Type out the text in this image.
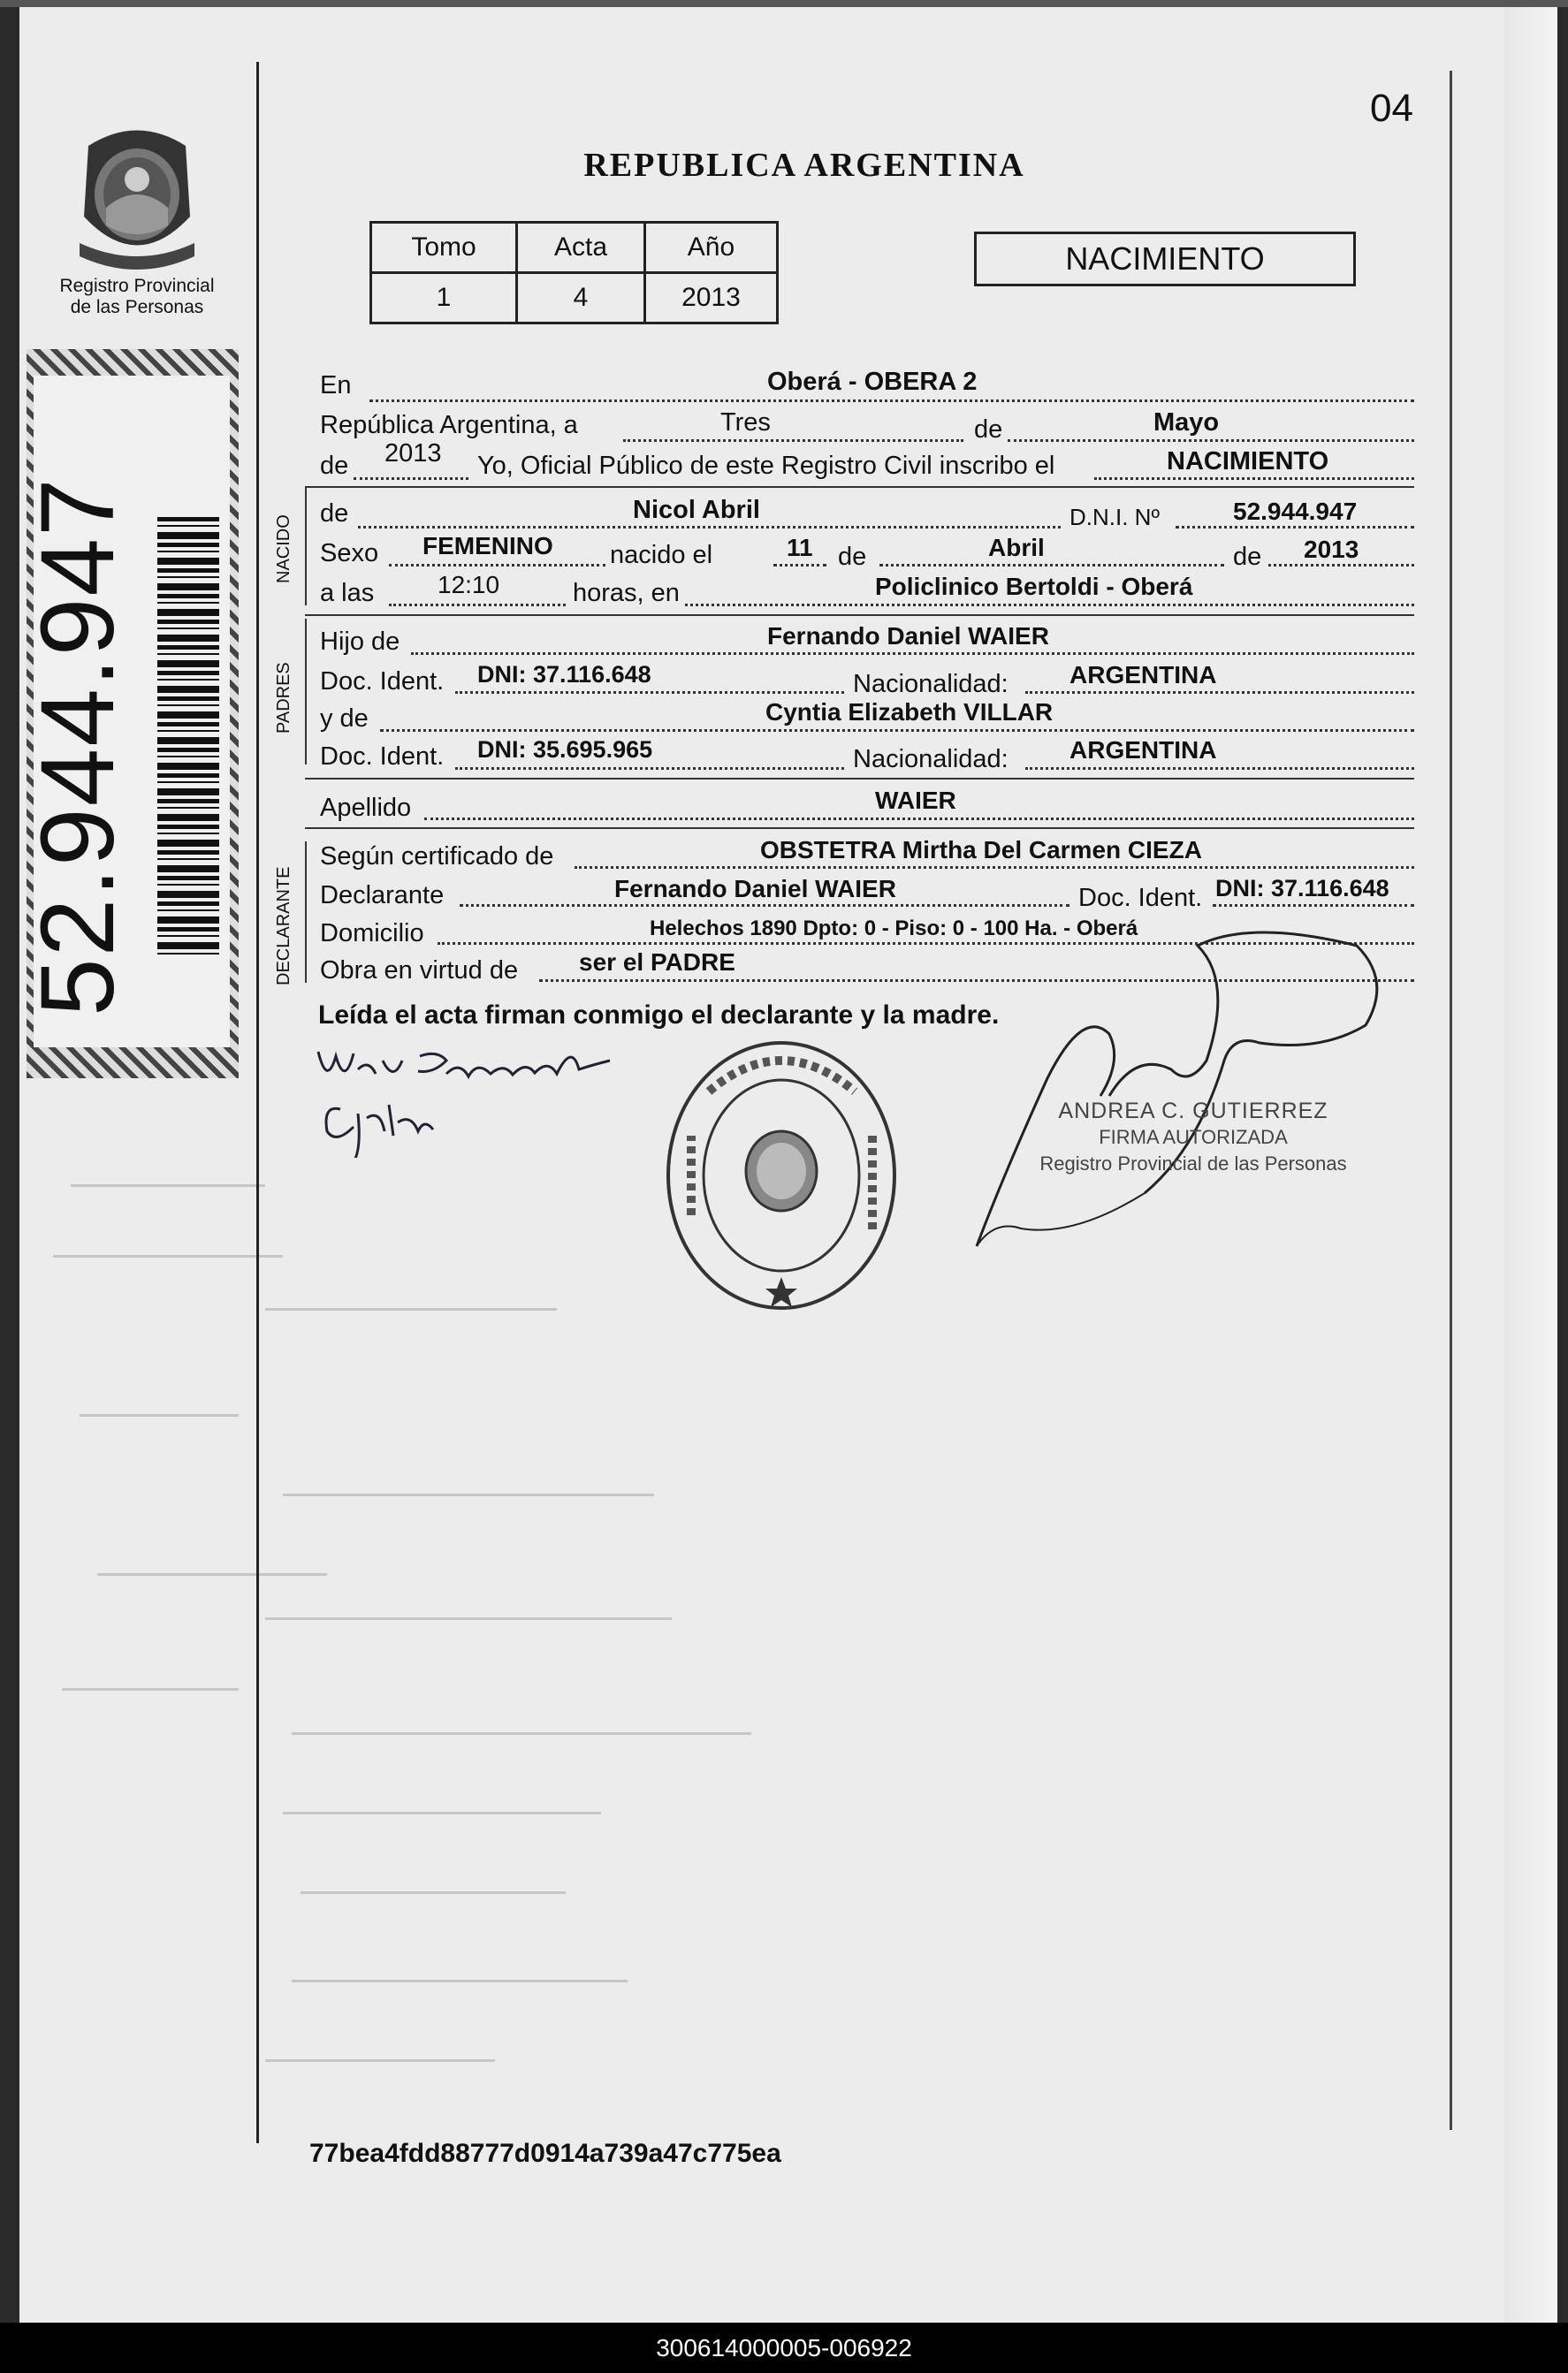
04
REPUBLICA ARGENTINA
Registro Provincial
de las Personas
52.944.947
Tomo	Acta	Año
1	4	2013
NACIMIENTO
NACIDO
PADRES
DECLARANTE
En	Oberá - OBERA 2
República Argentina, a	Tres	de	Mayo
de 2013 Yo, Oficial Público de este Registro Civil inscribo el	NACIMIENTO
de	Nicol Abril	D.N.I. Nº	52.944.947
Sexo FEMENINO nacido el	11 de	Abril	de 2013
a las	12:10	horas, en	Policlinico Bertoldi - Oberá
Hijo de	Fernando Daniel WAIER
Doc. Ident. DNI: 37.116.648	Nacionalidad: ARGENTINA
y de	Cyntia Elizabeth VILLAR
Doc. Ident. DNI: 35.695.965	Nacionalidad: ARGENTINA
Apellido	WAIER
Según certificado de	OBSTETRA Mirtha Del Carmen CIEZA
Declarante	Fernando Daniel WAIER	Doc. Ident. DNI: 37.116.648
Domicilio	Helechos 1890 Dpto: 0 - Piso: 0 - 100 Ha. - Oberá
Obra en virtud de ser el PADRE
Leída el acta firman conmigo el declarante y la madre.
ANDREA C. GUTIERREZ
FIRMA AUTORIZADA
Registro Provincial de las Personas
77bea4fdd88777d0914a739a47c775ea
300614000005-006922
